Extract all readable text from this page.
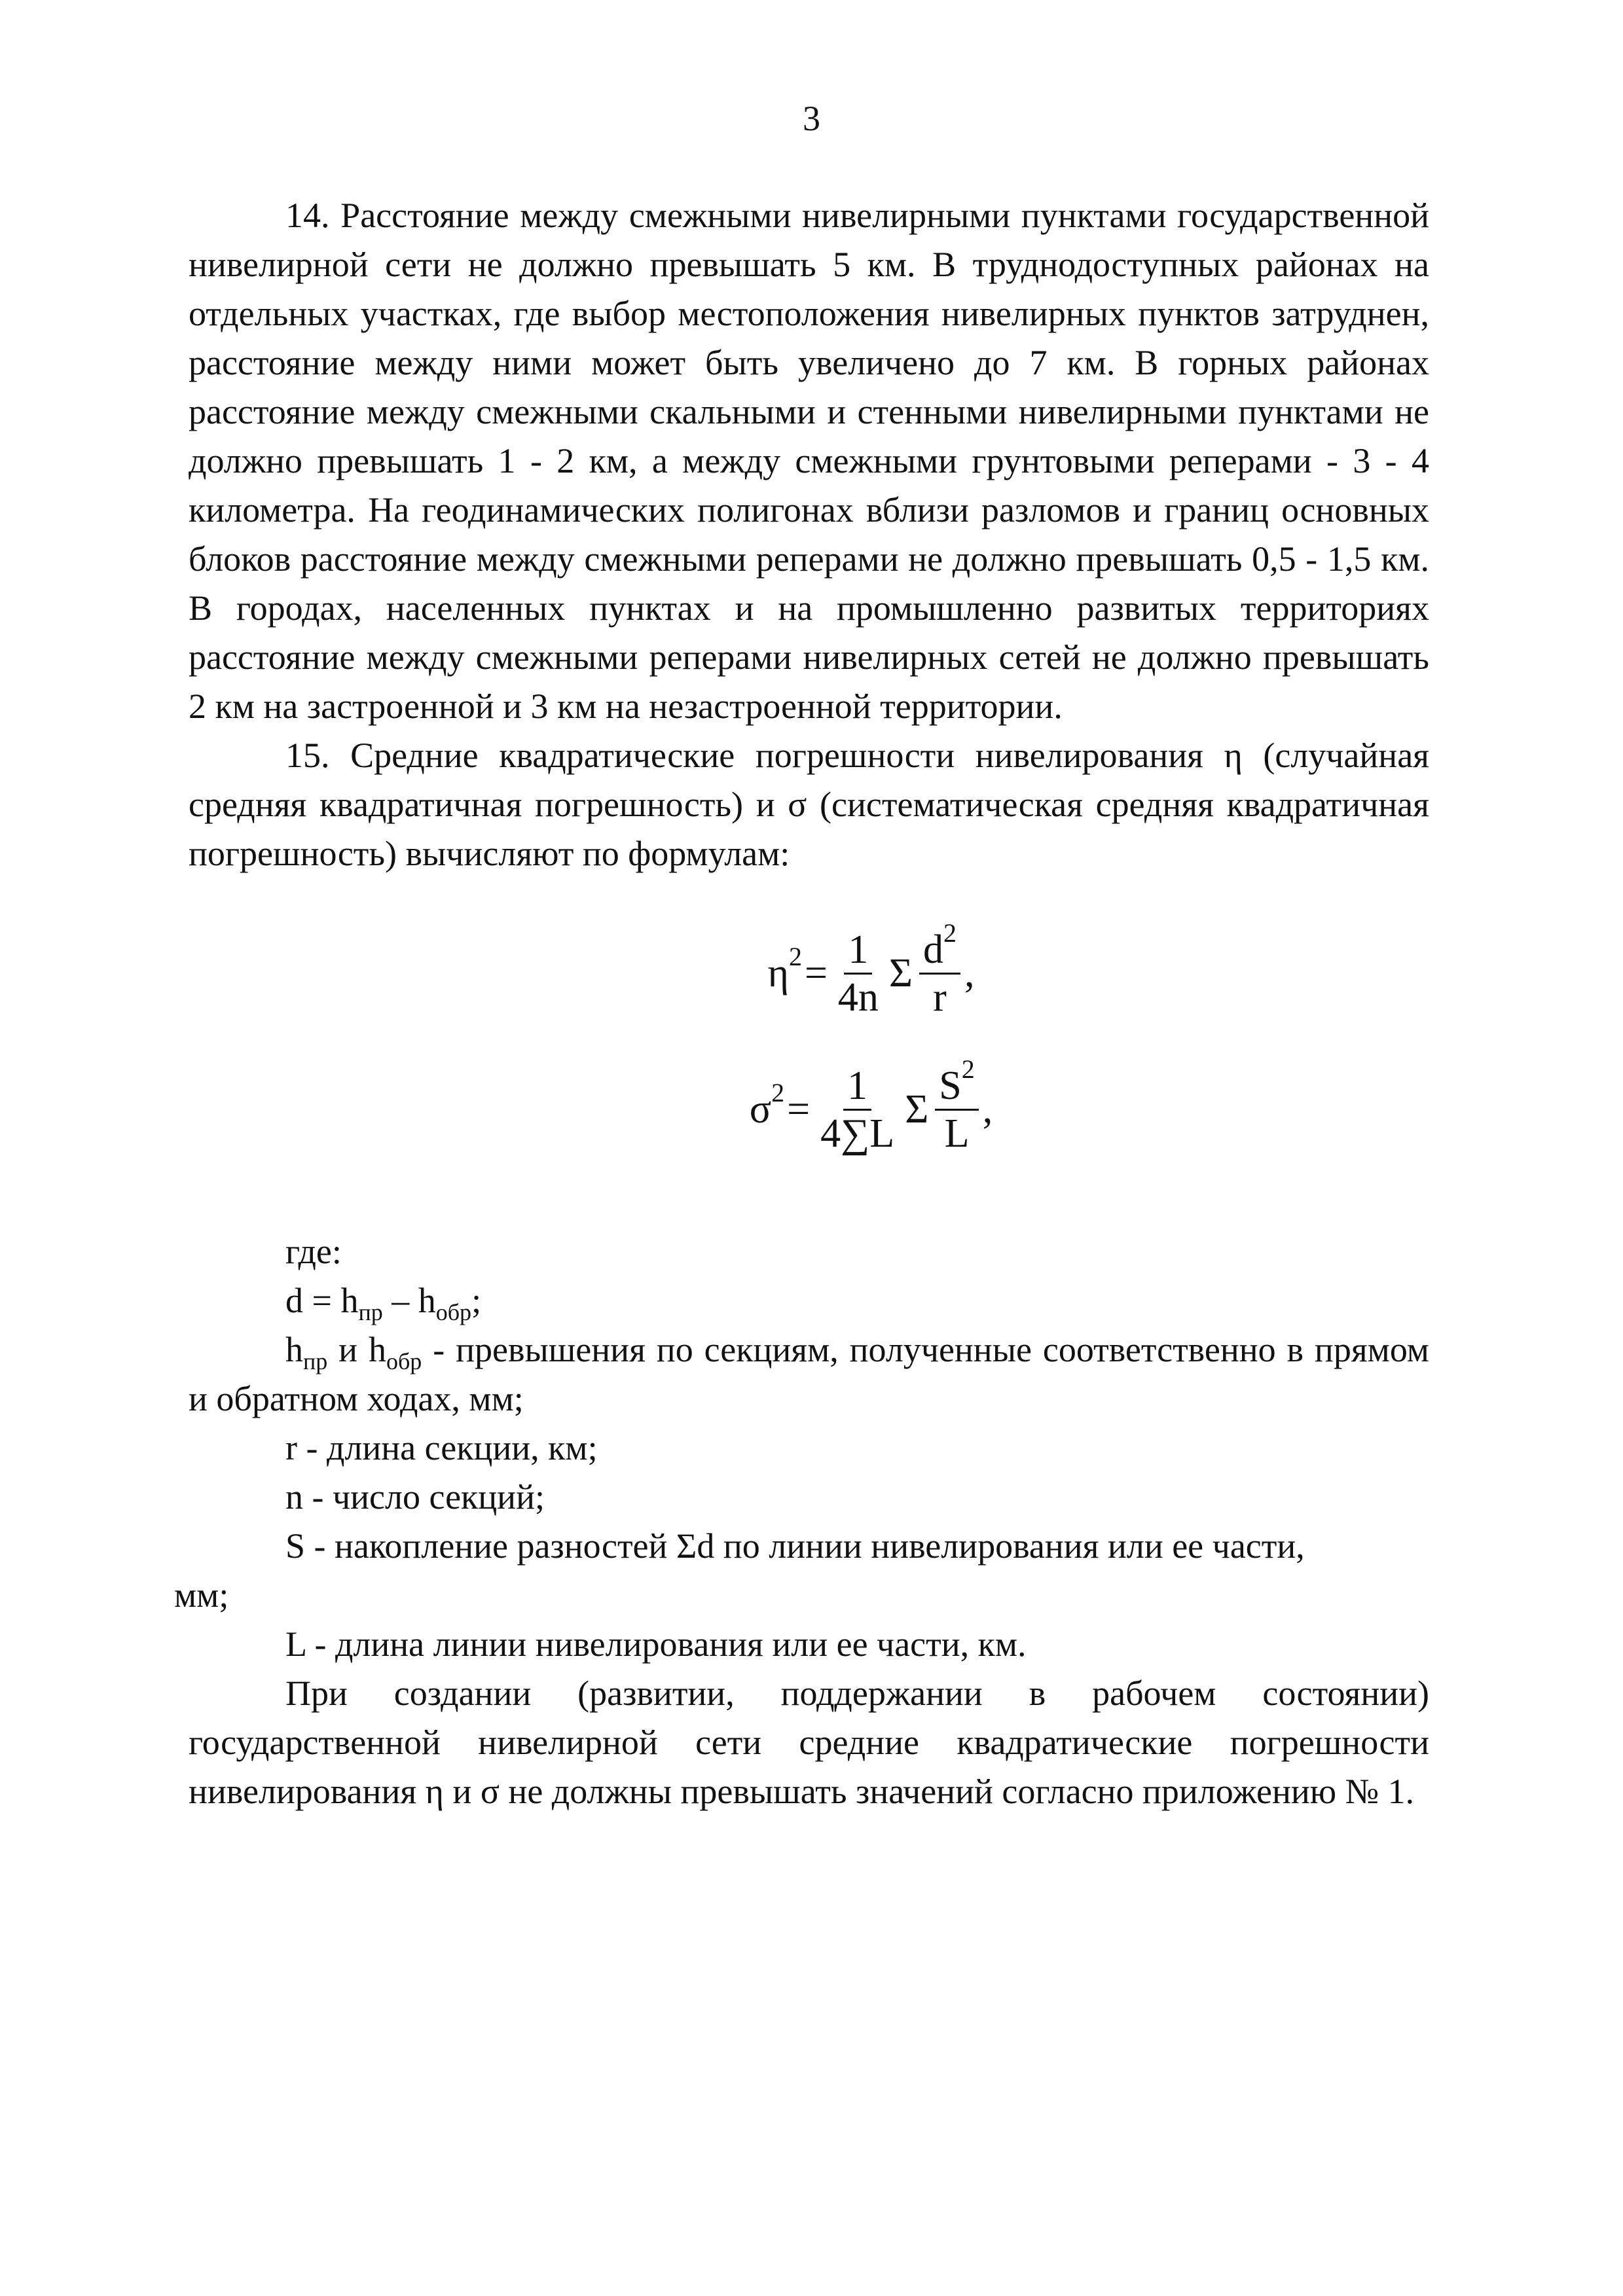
3

14. Расстояние между смежными нивелирными пунктами государственной нивелирной сети не должно превышать 5 км. В труднодоступных районах на отдельных участках, где выбор местоположения нивелирных пунктов затруднен, расстояние между ними может быть увеличено до 7 км. В горных районах расстояние между смежными скальными и стенными нивелирными пунктами не должно превышать 1 - 2 км, а между смежными грунтовыми реперами - 3 - 4 километра. На геодинамических полигонах вблизи разломов и границ основных блоков расстояние между смежными реперами не должно превышать 0,5 - 1,5 км. В городах, населенных пунктах и на промышленно развитых территориях расстояние между смежными реперами нивелирных сетей не должно превышать 2 км на застроенной и 3 км на незастроенной территории.

15. Средние квадратические погрешности нивелирования η (случайная средняя квадратичная погрешность) и σ (систематическая средняя квадратичная погрешность) вычисляют по формулам:

$\eta^2 = \frac{1}{4n}$ Σ $\frac{d^2}{r}$ ,
$\sigma^2 = \frac{1}{4\sum L}$ Σ $\frac{S^2}{L}$ ,

где:

$d = h_{пр} - h_{обр}$;

$h_{пр}$ и $h_{обр}$ - превышения по секциям, полученные соответственно в прямом и обратном ходах, мм;

r - длина секции, км;

n - число секций;

S - накопление разностей Σd по линии нивелирования или ее части,

мм;

L - длина линии нивелирования или ее части, км.

При создании (развитии, поддержании в рабочем состоянии) государственной нивелирной сети средние квадратические погрешности нивелирования η и σ не должны превышать значений согласно приложению № 1.
